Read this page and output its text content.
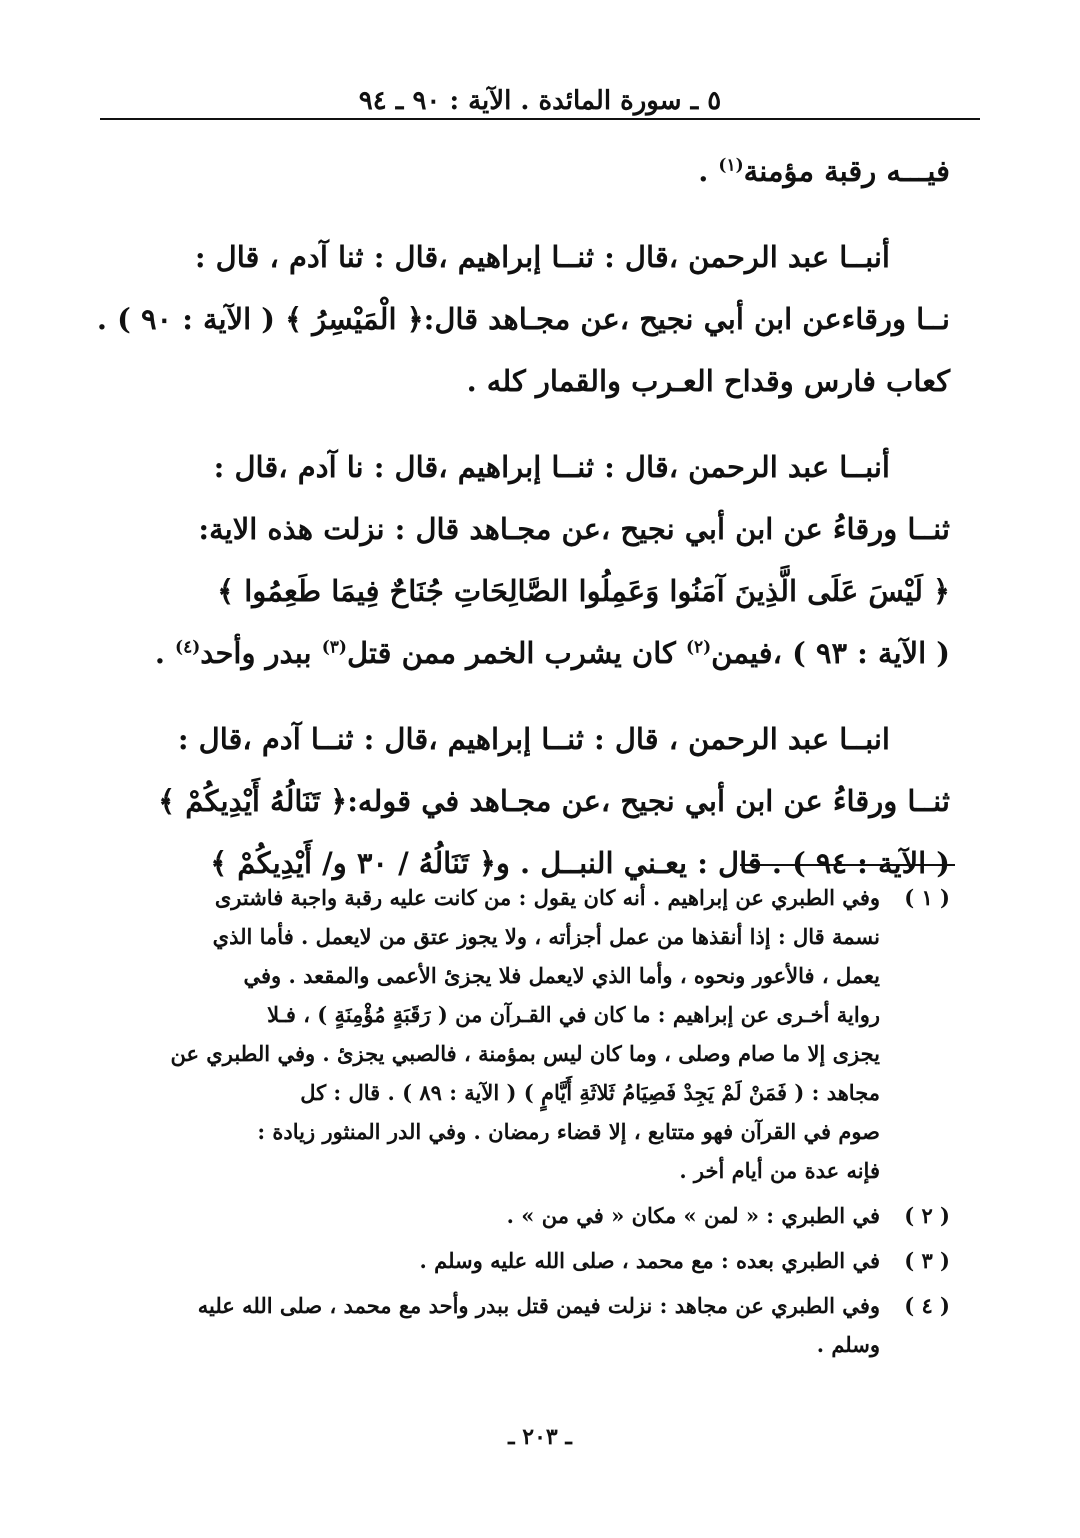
٥ ـ سورة المائدة . الآية : ٩٠ ـ ٩٤
فيـــه رقبة مؤمنة$^{(١)}$ .
أنبــا عبد الرحمن ،قال : ثنــا إبراهيم ،قال : ثنا آدم ، قال :
نــا ورقاءعن ابن أبي نجيح ،عن مجـاهد قال:﴿ الْمَيْسِرُ ﴾ ( الآية : ٩٠ ) .
كعاب فارس وقداح العـرب والقمار كله .
أنبــا عبد الرحمن ،قال : ثنــا إبراهيم ،قال : نا آدم ،قال :
ثنــا ورقاءُ عن ابن أبي نجيح ،عن مجـاهد قال : نزلت هذه الاية:
﴿ لَيْسَ عَلَى الَّذِينَ آمَنُوا وَعَمِلُوا الصَّالِحَاتِ جُنَاحٌ فِيمَا طَعِمُوا ﴾
( الآية : ٩٣ ) ،فيمن$^{(٢)}$ كان يشرب الخمر ممن قتل$^{(٣)}$ ببدر وأحد$^{(٤)}$ .
انبــا عبد الرحمن ، قال : ثنــا إبراهيم ،قال : ثنــا آدم ،قال :
ثنــا ورقاءُ عن ابن أبي نجيح ،عن مجـاهد في قوله:﴿ تَنَالُهُ أَيْدِيكُمْ ﴾
( الآية : ٩٤ ) . قال : يعـني النبــل . و﴿ تَنَالُهُ / ٣٠ و/ أَيْدِيكُمْ ﴾
( ١ )
وفي الطبري عن إبراهيم . أنه كان يقول : من كانت عليه رقبة واجبة فاشترى
نسمة قال : إذا أنقذها من عمل أجزأته ، ولا يجوز عتق من لايعمل . فأما الذي
يعمل ، فالأعور ونحوه ، وأما الذي لايعمل فلا يجزئ الأعمى والمقعد . وفي
رواية أخـرى عن إبراهيم : ما كان في القـرآن من ( رَقَبَةٍ مُؤْمِنَةٍ ) ، فـلا
يجزى إلا ما صام وصلى ، وما كان ليس بمؤمنة ، فالصبي يجزئ . وفي الطبري عن
مجاهد : ( فَمَنْ لَمْ يَجِدْ فَصِيَامُ ثَلاثَةِ أَيَّامٍ ) ( الآية : ٨٩ ) . قال : كل
صوم في القرآن فهو متتابع ، إلا قضاء رمضان . وفي الدر المنثور زيادة :
فإنه عدة من أيام أخر .
( ٢ )
في الطبري : « لمن » مكان « في من » .
( ٣ )
في الطبري بعده : مع محمد ، صلى الله عليه وسلم .
( ٤ )
وفي الطبري عن مجاهد : نزلت فيمن قتل ببدر وأحد مع محمد ، صلى الله عليه
وسلم .
ـ ٢٠٣ ـ
